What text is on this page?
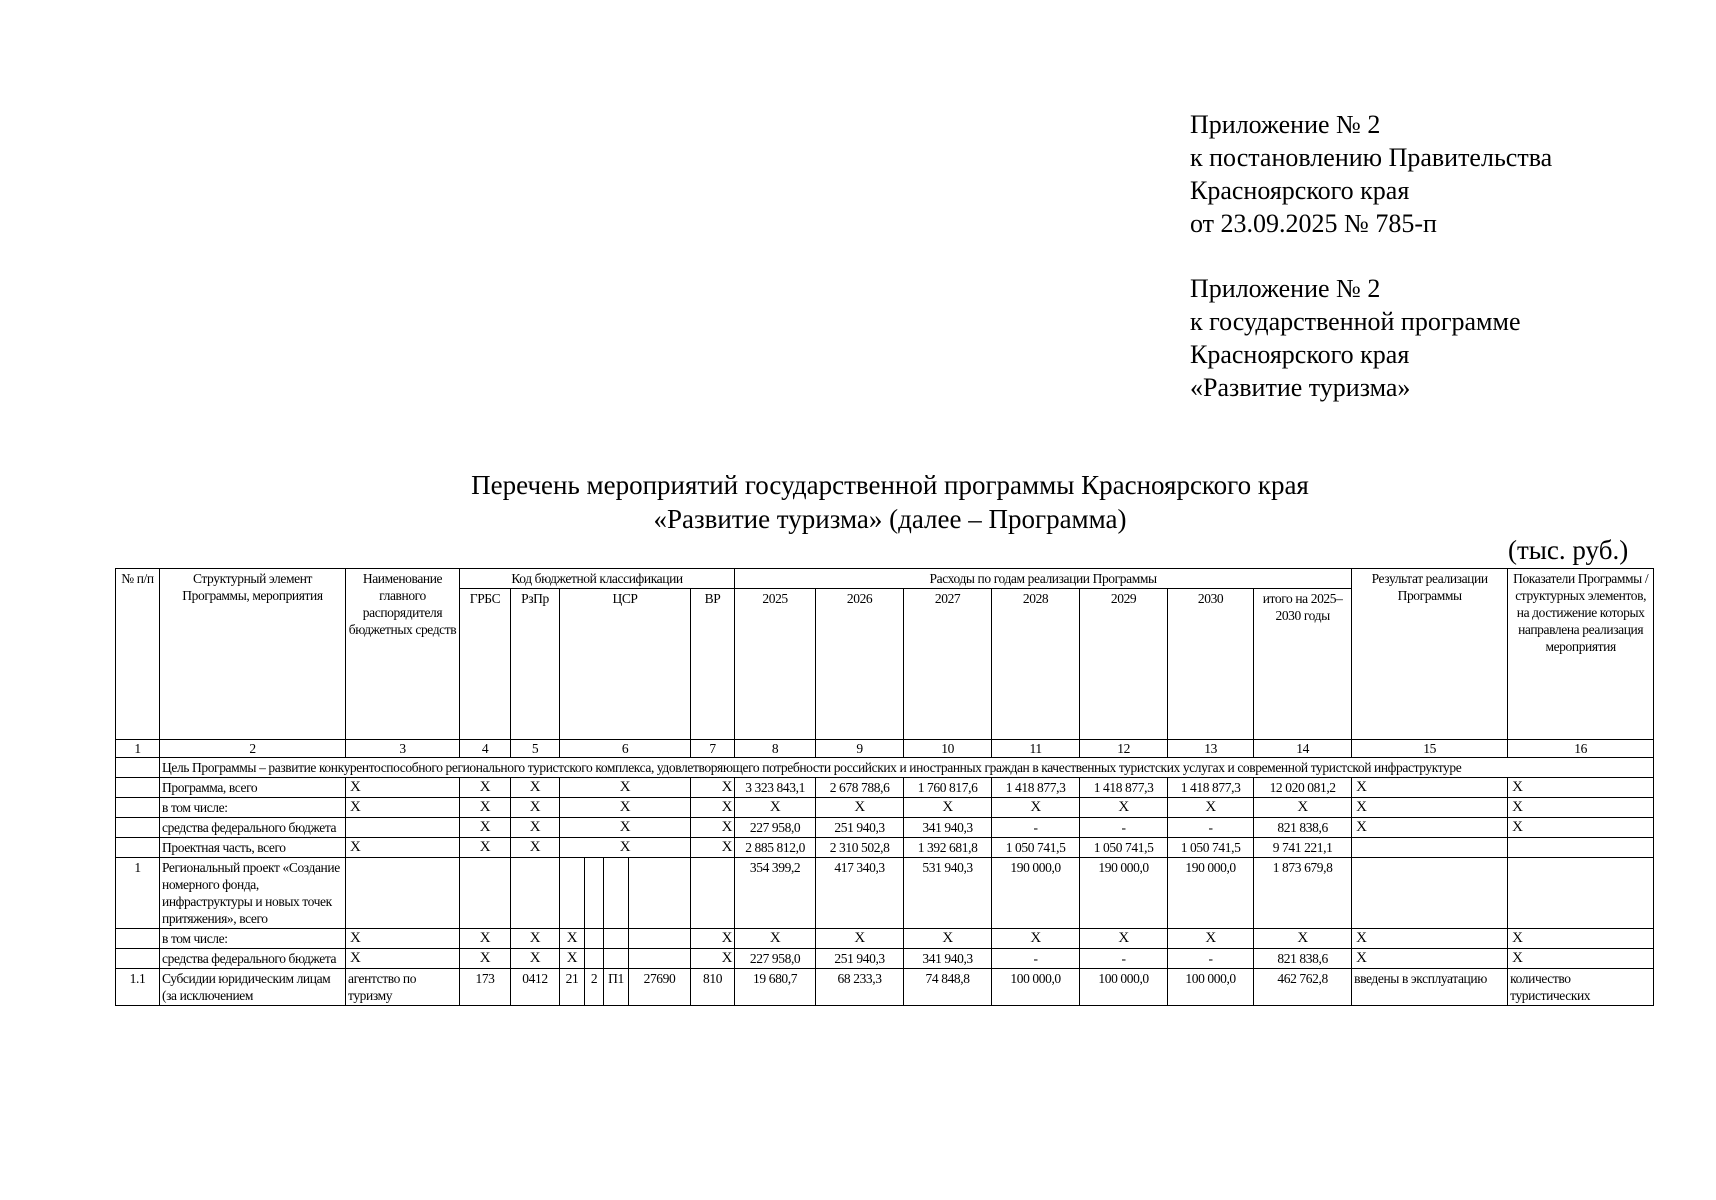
Приложение № 2
к постановлению Правительства
Красноярского края
от 23.09.2025 № 785-п
Приложение № 2
к государственной программе
Красноярского края
«Развитие туризма»
Перечень мероприятий государственной программы Красноярского края
«Развитие туризма» (далее – Программа)
(тыс. руб.)
№ п/п	Структурный элемент Программы, мероприятия	Наименование главного распорядителя бюджетных средств	Код бюджетной классификации							Расходы по годам реализации Программы							Результат реализации Программы	Показатели Программы / структурных элементов, на достижение которых направлена реализация мероприятия
			ГРБС	РзПр	ЦСР				ВР	2025	2026	2027	2028	2029	2030	итого на 2025–2030 годы		
1	2	3	4	5	6				7	8	9	10	11	12	13	14	15	16
	Цель Программы – развитие конкурентоспособного регионального туристского комплекса, удовлетворяющего потребности российских и иностранных граждан в качественных туристских услугах и современной туристской инфраструктуре																	
	Программа, всего	X	X	X	X				X	3 323 843,1	2 678 788,6	1 760 817,6	1 418 877,3	1 418 877,3	1 418 877,3	12 020 081,2	X	X
	в том числе:	X	X	X	X				X	X	X	X	X	X	X	X	X	X
	средства федерального бюджета		X	X	X				X	227 958,0	251 940,3	341 940,3	-	-	-	821 838,6	X	X
	Проектная часть, всего	X	X	X	X				X	2 885 812,0	2 310 502,8	1 392 681,8	1 050 741,5	1 050 741,5	1 050 741,5	9 741 221,1		
1	Региональный проект «Создание номерного фонда, инфраструктуры и новых точек притяжения», всего									354 399,2	417 340,3	531 940,3	190 000,0	190 000,0	190 000,0	1 873 679,8		
	в том числе:	X	X	X	X				X	X	X	X	X	X	X	X	X	X
	средства федерального бюджета	X	X	X	X				X	227 958,0	251 940,3	341 940,3	-	-	-	821 838,6	X	X
1.1	Субсидии юридическим лицам (за исключением	агентство по туризму	173	0412	21	2	П1	27690	810	19 680,7	68 233,3	74 848,8	100 000,0	100 000,0	100 000,0	462 762,8	введены в эксплуатацию	количество туристических
